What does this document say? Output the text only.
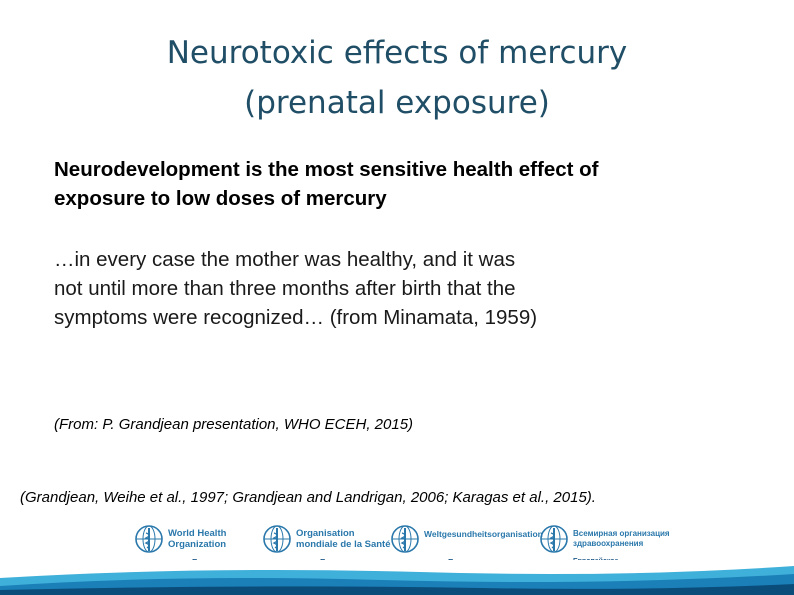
Neurotoxic effects of mercury
(prenatal exposure)
Neurodevelopment is the most sensitive health effect of
exposure to low doses of mercury
…in every case the mother was healthy, and it was
not until more than three months after birth that the
symptoms were recognized… (from Minamata, 1959)
(From: P. Grandjean presentation, WHO ECEH, 2015)
(Grandjean, Weihe et al., 1997; Grandjean and Landrigan, 2006; Karagas et al., 2015).
World Health
Organization
Organisation
mondiale de la Santé
Weltgesundheitsorganisation	Всемирная организация
здравоохранения
